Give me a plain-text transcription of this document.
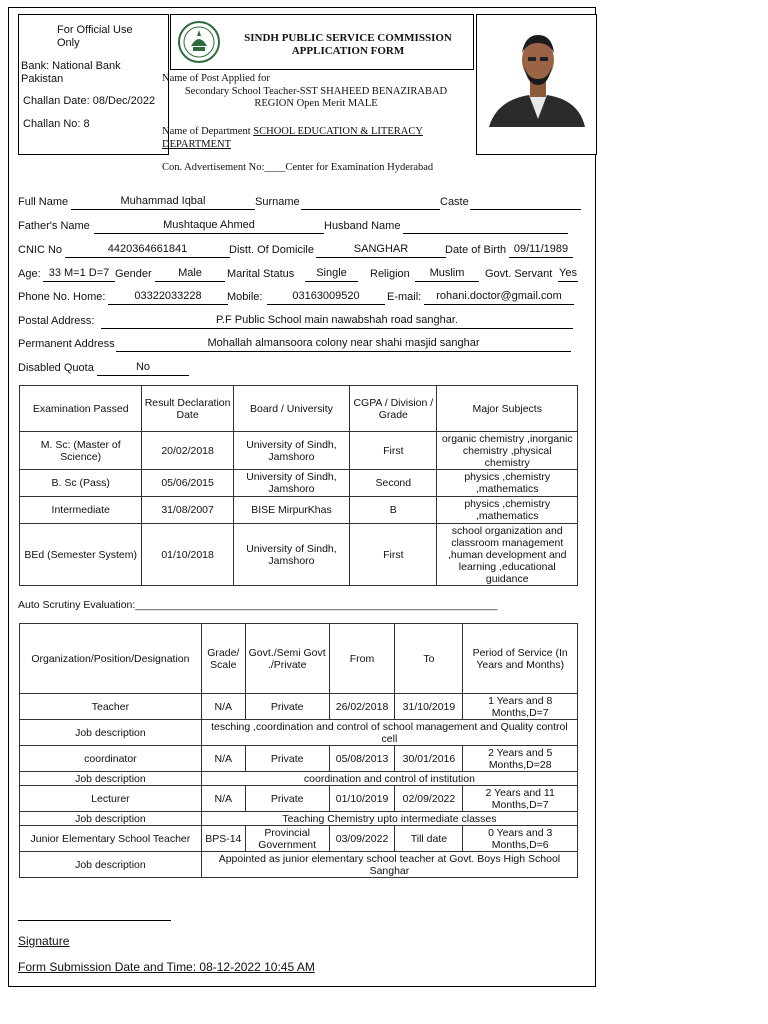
For Official Use Only
Bank: National Bank Pakistan
Challan Date: 08/Dec/2022
Challan No: 8
SINDH PUBLIC SERVICE COMMISSION
APPLICATION FORM
Name of Post Applied for
Secondary School Teacher-SST SHAHEED BENAZIRABAD REGION Open Merit MALE
Name of Department SCHOOL EDUCATION & LITERACY DEPARTMENT
Con. Advertisement No:____Center for Examination Hyderabad
Full Name	Muhammad Iqbal	Surname	Caste
Father's Name	Mushtaque Ahmed	Husband Name
CNIC No	4420364661841	Distt. Of Domicile	SANGHAR	Date of Birth 09/11/1989
Age: 33 M=1 D=7 Gender	Male	Marital Status	Single	Religion	Muslim	Govt. Servant Yes
Phone No. Home:	03322033228	Mobile:	03163009520	E-mail:	rohani.doctor@gmail.com
Postal Address:	P.F Public School main nawabshah road sanghar.
Permanent Address	Mohallah almansoora colony near shahi masjid sanghar
Disabled Quota	No
Examination Passed	Result Declaration Date	Board / University	CGPA / Division / Grade	Major Subjects
M. Sc: (Master of Science)	20/02/2018	University of Sindh, Jamshoro	First	organic chemistry ,inorganic chemistry ,physical chemistry
B. Sc (Pass)	05/06/2015	University of Sindh, Jamshoro	Second	physics ,chemistry ,mathematics
Intermediate	31/08/2007	BISE MirpurKhas	B	physics ,chemistry ,mathematics
BEd (Semester System)	01/10/2018	University of Sindh, Jamshoro	First	school organization and classroom management ,human development and learning ,educational guidance
Auto Scrutiny Evaluation:______________________________________________________________
Organization/Position/Designation	Grade/ Scale	Govt./Semi Govt ./Private	From	To	Period of Service (In Years and Months)
Teacher	N/A	Private	26/02/2018	31/10/2019	1 Years and 8 Months,D=7
Job description	tesching ,coordination and control of school management and Quality control cell				
coordinator	N/A	Private	05/08/2013	30/01/2016	2 Years and 5 Months,D=28
Job description	coordination and control of institution				
Lecturer	N/A	Private	01/10/2019	02/09/2022	2 Years and 11 Months,D=7
Job description	Teaching Chemistry upto intermediate classes				
Junior Elementary School Teacher	BPS-14	Provincial Government	03/09/2022	Till date	0 Years and 3 Months,D=6
Job description	Appointed as junior elementary school teacher at Govt. Boys High School Sanghar				
Signature
Form Submission Date and Time: 08-12-2022 10:45 AM
